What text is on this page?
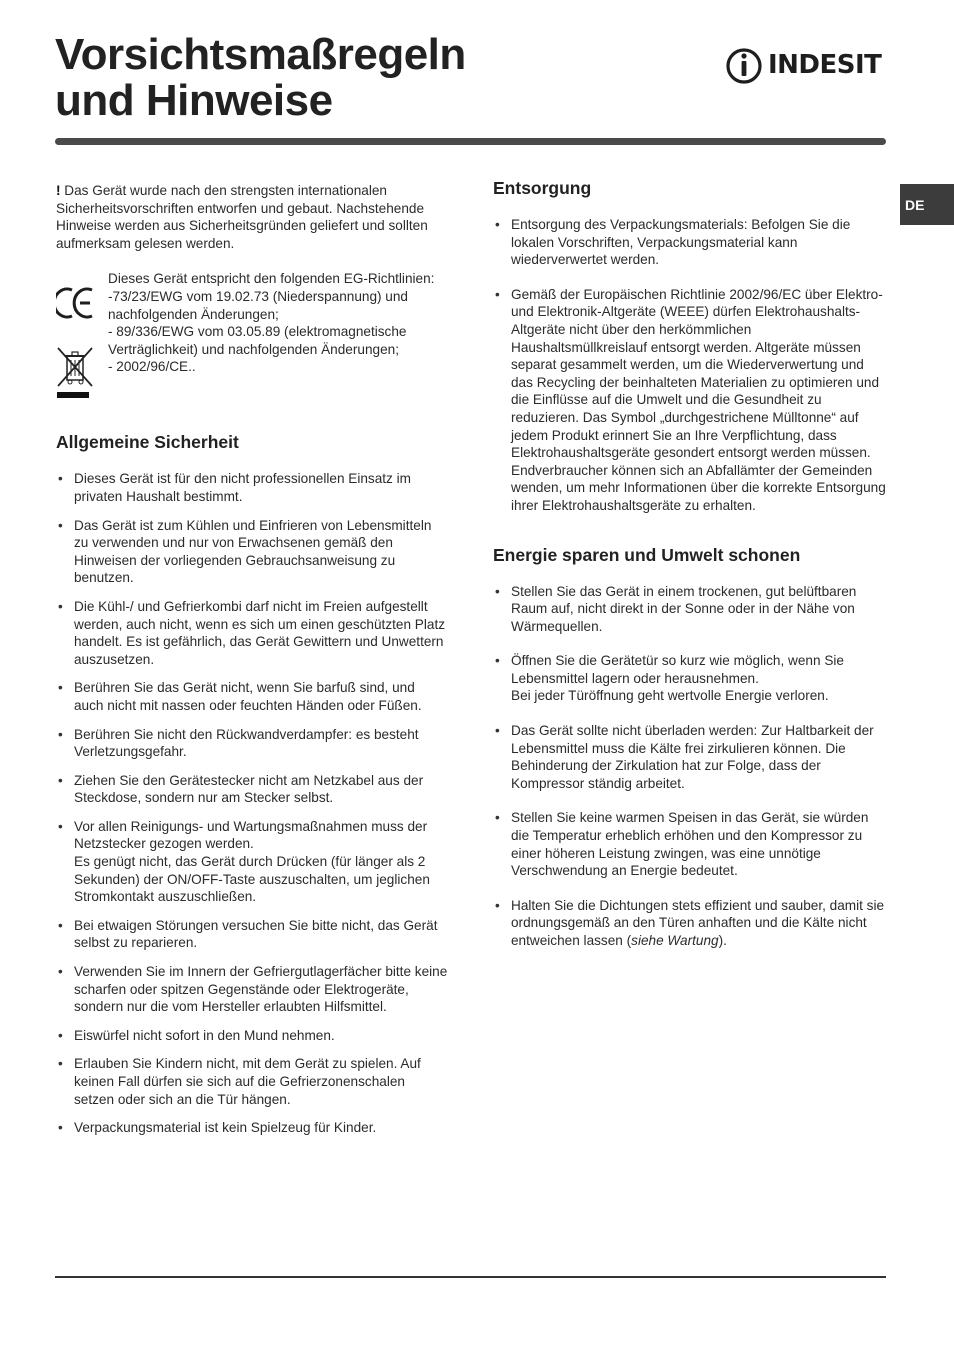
Vorsichtsmaßregeln
und Hinweise
INDESIT
DE

! Das Gerät wurde nach den strengsten internationalen Sicherheitsvorschriften entworfen und gebaut. Nachstehende Hinweise werden aus Sicherheitsgründen geliefert und sollten aufmerksam gelesen werden.

Dieses Gerät entspricht den folgenden EG-Richtlinien:
-73/23/EWG vom 19.02.73 (Niederspannung) und nachfolgenden Änderungen;
- 89/336/EWG vom 03.05.89 (elektromagnetische Verträglichkeit) und nachfolgenden Änderungen;
- 2002/96/CE..
Allgemeine Sicherheit
• Dieses Gerät ist für den nicht professionellen Einsatz im privaten Haushalt bestimmt.
• Das Gerät ist zum Kühlen und Einfrieren von Lebensmitteln zu verwenden und nur von Erwachsenen gemäß den Hinweisen der vorliegenden Gebrauchsanweisung zu benutzen.
• Die Kühl-/ und Gefrierkombi darf nicht im Freien aufgestellt werden, auch nicht, wenn es sich um einen geschützten Platz handelt. Es ist gefährlich, das Gerät Gewittern und Unwettern auszusetzen.
• Berühren Sie das Gerät nicht, wenn Sie barfuß sind, und auch nicht mit nassen oder feuchten Händen oder Füßen.
• Berühren Sie nicht den Rückwandverdampfer: es besteht Verletzungsgefahr.
• Ziehen Sie den Gerätestecker nicht am Netzkabel aus der Steckdose, sondern nur am Stecker selbst.
• Vor allen Reinigungs- und Wartungsmaßnahmen muss der Netzstecker gezogen werden.
Es genügt nicht, das Gerät durch Drücken (für länger als 2 Sekunden) der ON/OFF-Taste auszuschalten, um jeglichen Stromkontakt auszuschließen.
• Bei etwaigen Störungen versuchen Sie bitte nicht, das Gerät selbst zu reparieren.
• Verwenden Sie im Innern der Gefriergutlagerfächer bitte keine scharfen oder spitzen Gegenstände oder Elektrogeräte, sondern nur die vom Hersteller erlaubten Hilfsmittel.
• Eiswürfel nicht sofort in den Mund nehmen.
• Erlauben Sie Kindern nicht, mit dem Gerät zu spielen. Auf keinen Fall dürfen sie sich auf die Gefrierzonenschalen setzen oder sich an die Tür hängen.
• Verpackungsmaterial ist kein Spielzeug für Kinder.
Entsorgung
• Entsorgung des Verpackungsmaterials: Befolgen Sie die lokalen Vorschriften, Verpackungsmaterial kann wiederverwertet werden.
• Gemäß der Europäischen Richtlinie 2002/96/EC über Elektro- und Elektronik-Altgeräte (WEEE) dürfen Elektrohaushalts-Altgeräte nicht über den herkömmlichen Haushaltsmüllkreislauf entsorgt werden. Altgeräte müssen separat gesammelt werden, um die Wiederverwertung und das Recycling der beinhalteten Materialien zu optimieren und die Einflüsse auf die Umwelt und die Gesundheit zu reduzieren. Das Symbol „durchgestrichene Mülltonne“ auf jedem Produkt erinnert Sie an Ihre Verpflichtung, dass Elektrohaushaltsgeräte gesondert entsorgt werden müssen.
Endverbraucher können sich an Abfallämter der Gemeinden wenden, um mehr Informationen über die korrekte Entsorgung ihrer Elektrohaushaltsgeräte zu erhalten.
Energie sparen und Umwelt schonen
• Stellen Sie das Gerät in einem trockenen, gut belüftbaren Raum auf, nicht direkt in der Sonne oder in der Nähe von Wärmequellen.
• Öffnen Sie die Gerätetür so kurz wie möglich, wenn Sie Lebensmittel lagern oder herausnehmen.
Bei jeder Türöffnung geht wertvolle Energie verloren.
• Das Gerät sollte nicht überladen werden: Zur Haltbarkeit der Lebensmittel muss die Kälte frei zirkulieren können. Die Behinderung der Zirkulation hat zur Folge, dass der Kompressor ständig arbeitet.
• Stellen Sie keine warmen Speisen in das Gerät, sie würden die Temperatur erheblich erhöhen und den Kompressor zu einer höheren Leistung zwingen, was eine unnötige Verschwendung an Energie bedeutet.
• Halten Sie die Dichtungen stets effizient und sauber, damit sie ordnungsgemäß an den Türen anhaften und die Kälte nicht entweichen lassen (siehe Wartung).
